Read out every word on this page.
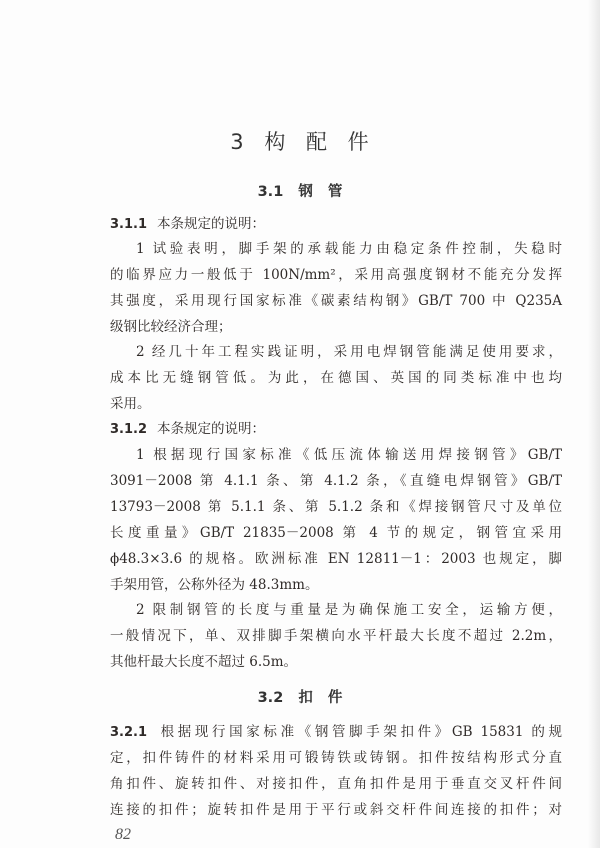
3 构 配 件
3.1 钢 管
3.1.1 本条规定的说明：
1 试验表明，脚手架的承载能力由稳定条件控制，失稳时
的临界应力一般低于 100N/mm²，采用高强度钢材不能充分发挥
其强度，采用现行国家标准《碳素结构钢》GB/T 700 中 Q235A
级钢比较经济合理；
2 经几十年工程实践证明，采用电焊钢管能满足使用要求，
成本比无缝钢管低。为此，在德国、英国的同类标准中也均
采用。
3.1.2 本条规定的说明：
1 根据现行国家标准《低压流体输送用焊接钢管》GB/T
3091－2008 第 4.1.1 条、第 4.1.2 条，《直缝电焊钢管》GB/T
13793－2008 第 5.1.1 条、第 5.1.2 条和《焊接钢管尺寸及单位
长度重量》GB/T 21835－2008 第 4 节的规定，钢管宜采用
ϕ48.3×3.6 的规格。欧洲标准 EN 12811－1：2003 也规定，脚
手架用管，公称外径为 48.3mm。
2 限制钢管的长度与重量是为确保施工安全，运输方便，
一般情况下，单、双排脚手架横向水平杆最大长度不超过 2.2m，
其他杆最大长度不超过 6.5m。
3.2 扣 件
3.2.1 根据现行国家标准《钢管脚手架扣件》GB 15831 的规
定，扣件铸件的材料采用可锻铸铁或铸钢。扣件按结构形式分直
角扣件、旋转扣件、对接扣件，直角扣件是用于垂直交叉杆件间
连接的扣件；旋转扣件是用于平行或斜交杆件间连接的扣件；对
82
